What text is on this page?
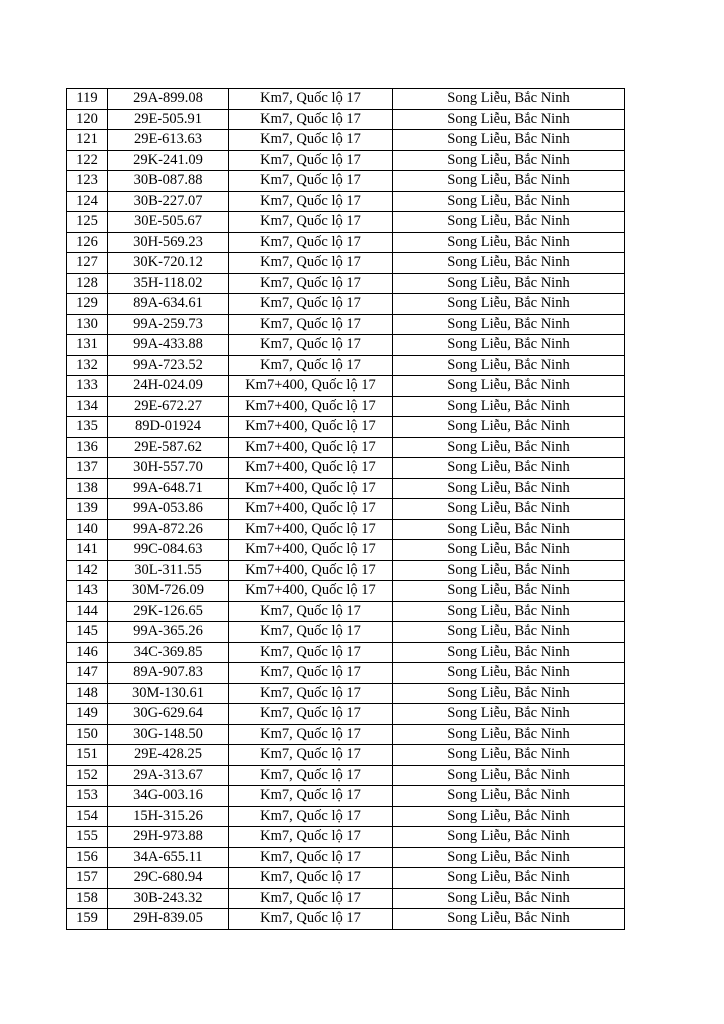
119	29A-899.08	Km7, Quốc lộ 17	Song Liễu, Bắc Ninh
120	29E-505.91	Km7, Quốc lộ 17	Song Liễu, Bắc Ninh
121	29E-613.63	Km7, Quốc lộ 17	Song Liễu, Bắc Ninh
122	29K-241.09	Km7, Quốc lộ 17	Song Liễu, Bắc Ninh
123	30B-087.88	Km7, Quốc lộ 17	Song Liễu, Bắc Ninh
124	30B-227.07	Km7, Quốc lộ 17	Song Liễu, Bắc Ninh
125	30E-505.67	Km7, Quốc lộ 17	Song Liễu, Bắc Ninh
126	30H-569.23	Km7, Quốc lộ 17	Song Liễu, Bắc Ninh
127	30K-720.12	Km7, Quốc lộ 17	Song Liễu, Bắc Ninh
128	35H-118.02	Km7, Quốc lộ 17	Song Liễu, Bắc Ninh
129	89A-634.61	Km7, Quốc lộ 17	Song Liễu, Bắc Ninh
130	99A-259.73	Km7, Quốc lộ 17	Song Liễu, Bắc Ninh
131	99A-433.88	Km7, Quốc lộ 17	Song Liễu, Bắc Ninh
132	99A-723.52	Km7, Quốc lộ 17	Song Liễu, Bắc Ninh
133	24H-024.09	Km7+400, Quốc lộ 17	Song Liễu, Bắc Ninh
134	29E-672.27	Km7+400, Quốc lộ 17	Song Liễu, Bắc Ninh
135	89D-01924	Km7+400, Quốc lộ 17	Song Liễu, Bắc Ninh
136	29E-587.62	Km7+400, Quốc lộ 17	Song Liễu, Bắc Ninh
137	30H-557.70	Km7+400, Quốc lộ 17	Song Liễu, Bắc Ninh
138	99A-648.71	Km7+400, Quốc lộ 17	Song Liễu, Bắc Ninh
139	99A-053.86	Km7+400, Quốc lộ 17	Song Liễu, Bắc Ninh
140	99A-872.26	Km7+400, Quốc lộ 17	Song Liễu, Bắc Ninh
141	99C-084.63	Km7+400, Quốc lộ 17	Song Liễu, Bắc Ninh
142	30L-311.55	Km7+400, Quốc lộ 17	Song Liễu, Bắc Ninh
143	30M-726.09	Km7+400, Quốc lộ 17	Song Liễu, Bắc Ninh
144	29K-126.65	Km7, Quốc lộ 17	Song Liễu, Bắc Ninh
145	99A-365.26	Km7, Quốc lộ 17	Song Liễu, Bắc Ninh
146	34C-369.85	Km7, Quốc lộ 17	Song Liễu, Bắc Ninh
147	89A-907.83	Km7, Quốc lộ 17	Song Liễu, Bắc Ninh
148	30M-130.61	Km7, Quốc lộ 17	Song Liễu, Bắc Ninh
149	30G-629.64	Km7, Quốc lộ 17	Song Liễu, Bắc Ninh
150	30G-148.50	Km7, Quốc lộ 17	Song Liễu, Bắc Ninh
151	29E-428.25	Km7, Quốc lộ 17	Song Liễu, Bắc Ninh
152	29A-313.67	Km7, Quốc lộ 17	Song Liễu, Bắc Ninh
153	34G-003.16	Km7, Quốc lộ 17	Song Liễu, Bắc Ninh
154	15H-315.26	Km7, Quốc lộ 17	Song Liễu, Bắc Ninh
155	29H-973.88	Km7, Quốc lộ 17	Song Liễu, Bắc Ninh
156	34A-655.11	Km7, Quốc lộ 17	Song Liễu, Bắc Ninh
157	29C-680.94	Km7, Quốc lộ 17	Song Liễu, Bắc Ninh
158	30B-243.32	Km7, Quốc lộ 17	Song Liễu, Bắc Ninh
159	29H-839.05	Km7, Quốc lộ 17	Song Liễu, Bắc Ninh
